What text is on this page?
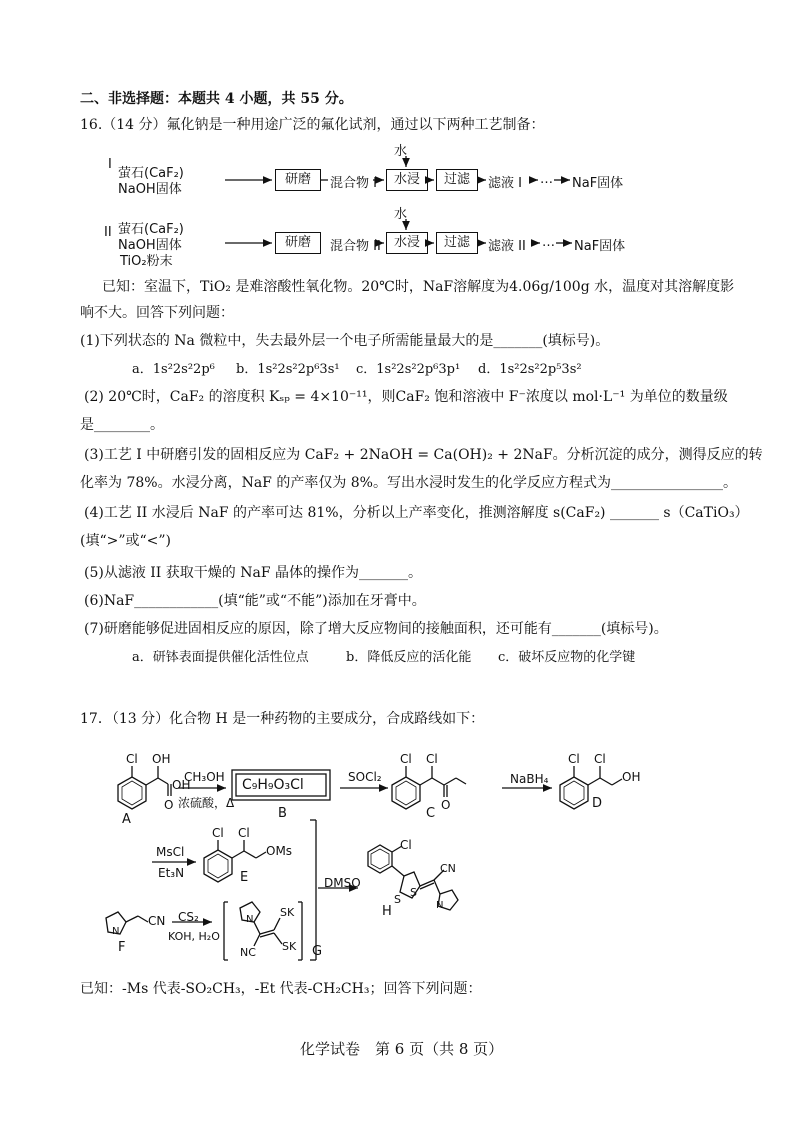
二、非选择题：本题共 4 小题，共 55 分。
16.（14 分）氟化钠是一种用途广泛的氟化试剂，通过以下两种工艺制备：
I
萤石(CaF₂)
NaOH固体
研磨	混合物 I
水
水浸	过滤	滤液 I … NaF固体
II 萤石(CaF₂)
NaOH固体
TiO₂粉末
研磨	混合物 II
水
水浸	过滤	滤液 II … NaF固体
已知：室温下，TiO₂ 是难溶酸性氧化物。20℃时，NaF溶解度为4.06g/100g 水，温度对其溶解度影
响不大。回答下列问题：
(1)下列状态的 Na 微粒中，失去最外层一个电子所需能量最大的是_______(填标号)。
a．1s²2s²2p⁶ b．1s²2s²2p⁶3s¹ c．1s²2s²2p⁶3p¹ d．1s²2s²2p⁵3s²
(2) 20℃时，CaF₂ 的溶度积 Kₛₚ = 4×10⁻¹¹，则CaF₂ 饱和溶液中 F⁻浓度以 mol·L⁻¹ 为单位的数量级
是________。
(3)工艺 I 中研磨引发的固相反应为 CaF₂ + 2NaOH = Ca(OH)₂ + 2NaF。分析沉淀的成分，测得反应的转
化率为 78%。水浸分离，NaF 的产率仅为 8%。写出水浸时发生的化学反应方程式为________________。
(4)工艺 II 水浸后 NaF 的产率可达 81%，分析以上产率变化，推测溶解度 s(CaF₂) _______ s（CaTiO₃）
(填“>”或“<”)
(5)从滤液 II 获取干燥的 NaF 晶体的操作为_______。
(6)NaF____________(填“能”或“不能”)添加在牙膏中。
(7)研磨能够促进固相反应的原因，除了增大反应物间的接触面积，还可能有_______(填标号)。
a．研钵表面提供催化活性位点	b．降低反应的活化能 c．破坏反应物的化学键
17．（13 分）化合物 H 是一种药物的主要成分，合成路线如下：
Cl OH
OH
O
A
CH₃OH
浓硫酸，Δ
C₉H₉O₃Cl
B
SOCl₂
Cl Cl
O
C
NaBH₄
Cl Cl
OH
D
MsCl
Et₃N
Cl Cl
OMs
E	DMSO
Cl
S
S
CN
N
H
N
CN
F
CS₂
KOH, H₂O
N
SK
SK
NC	G
已知：-Ms 代表-SO₂CH₃，-Et 代表-CH₂CH₃；回答下列问题：
化学试卷　第 6 页（共 8 页）
